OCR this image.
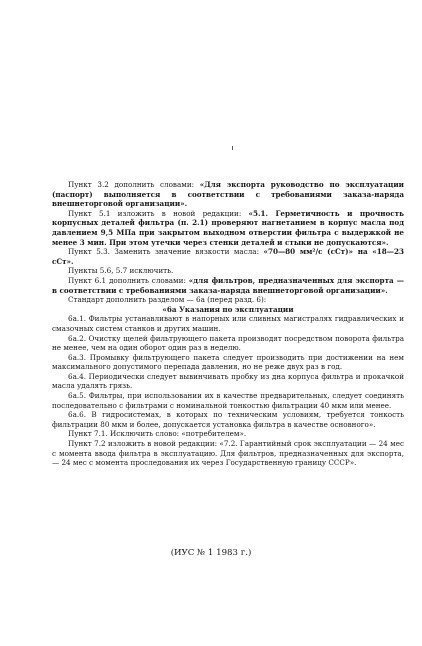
Пункт 3.2 дополнить словами: «Для экспорта руководство по эксплуатации (паспорт) выполняется в соответствии с требованиями заказа-наряда внешнеторговой организации».

Пункт 5.1 изложить в новой редакции: «5.1. Герметичность и прочность корпусных деталей фильтра (п. 2.1) проверяют нагнетанием в корпус масла под давлением 9,5 МПа при закрытом выходном отверстии фильтра с выдержкой не менее 3 мин. При этом утечки через стенки деталей и стыки не допускаются».

Пункт 5.3. Заменить значение вязкости масла: «70—80 мм²/с (сСт)» на «18—23 сСт».

Пункты 5.6, 5.7 исключить.

Пункт 6.1 дополнить словами: «для фильтров, предназначенных для экспорта — в соответствии с требованиями заказа-наряда внешнеторговой организации».

Стандарт дополнить разделом — 6а (перед разд. 6):

«6а Указания по эксплуатации

6а.1. Фильтры устанавливают в напорных или сливных магистралях гидравлических и смазочных систем станков и других машин.

6а.2. Очистку щелей фильтрующего пакета производят посредством поворота фильтра не менее, чем на один оборот один раз в неделю.

6а.3. Промывку фильтрующего пакета следует производить при достижении на нем максимального допустимого перепада давления, но не реже двух раз в год.

6а.4. Периодически следует вывинчивать пробку из дна корпуса фильтра и прокачкой масла удалять грязь.

6а.5. Фильтры, при использовании их в качестве предварительных, следует соединять последовательно с фильтрами с номинальной тонкостью фильтрации 40 мкм или менее.

6а.6. В гидросистемах, в которых по техническим условиям, требуется тонкость фильтрации 80 мкм и более, допускается установка фильтра в качестве основного».

Пункт 7.1. Исключить слово: «потребителем».

Пункт 7.2 изложить в новой редакции: «7.2. Гарантийный срок эксплуатации — 24 мес с момента ввода фильтра в эксплуатацию. Для фильтров, предназначенных для экспорта, — 24 мес с момента проследования их через Государственную границу СССР».

(ИУС № 1 1983 г.)
